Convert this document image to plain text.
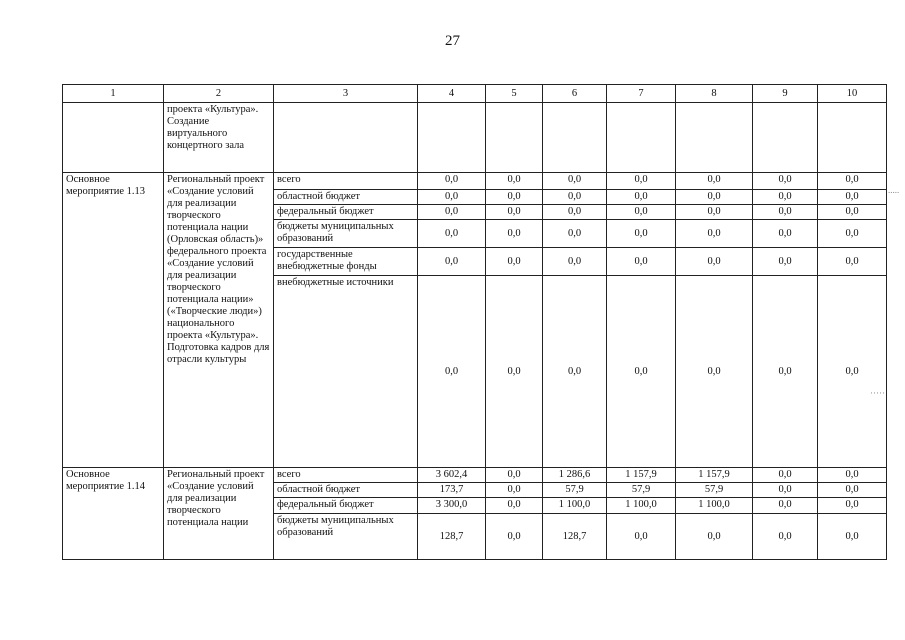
27
1	2	3	4	5	6	7	8	9	10
	проекта «Культура». Создание виртуального концертного зала								
Основное мероприятие 1.13	Региональный проект «Создание условий для реализации творческого потенциала нации (Орловская область)» федерального проекта «Создание условий для реализации творческого потенциала нации» («Творческие люди») национального проекта «Культура». Подготовка кадров для отрасли культуры	всего	0,0	0,0	0,0	0,0	0,0	0,0	0,0
		областной бюджет	0,0	0,0	0,0	0,0	0,0	0,0	0,0
		федеральный бюджет	0,0	0,0	0,0	0,0	0,0	0,0	0,0
		бюджеты муниципальных образований	0,0	0,0	0,0	0,0	0,0	0,0	0,0
		государственные внебюджетные фонды	0,0	0,0	0,0	0,0	0,0	0,0	0,0
		внебюджетные источники	0,0	0,0	0,0	0,0	0,0	0,0	0,0
Основное мероприятие 1.14	Региональный проект «Создание условий для реализации творческого потенциала нации	всего	3 602,4	0,0	1 286,6	1 157,9	1 157,9	0,0	0,0
		областной бюджет	173,7	0,0	57,9	57,9	57,9	0,0	0,0
		федеральный бюджет	3 300,0	0,0	1 100,0	1 100,0	1 100,0	0,0	0,0
		бюджеты муниципальных образований	128,7	0,0	128,7	0,0	0,0	0,0	0,0
.....
·····
